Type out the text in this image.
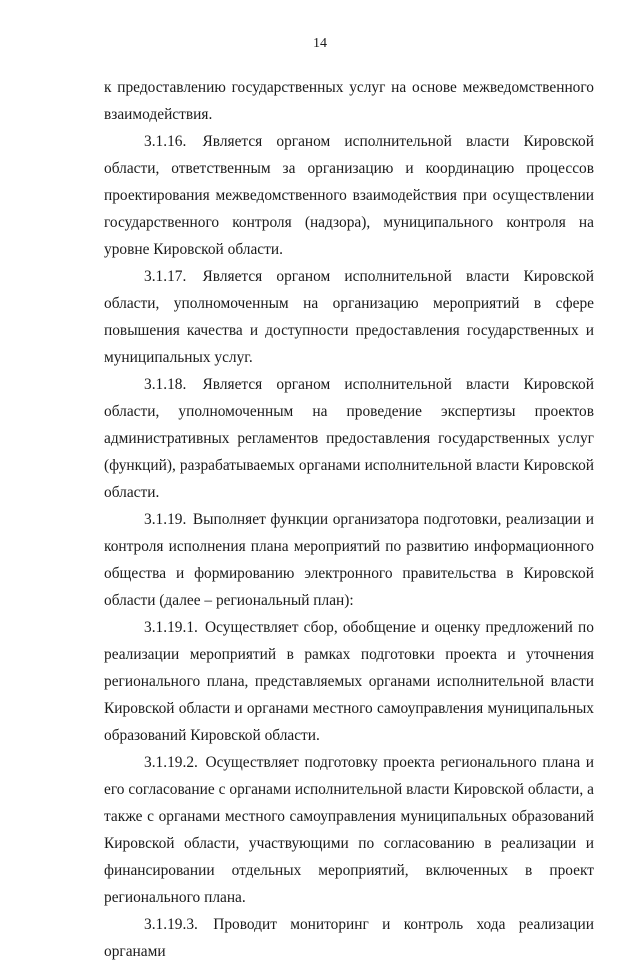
14

к предоставлению государственных услуг на основе межведомственного взаимодействия.

3.1.16. Является органом исполнительной власти Кировской области, ответственным за организацию и координацию процессов проектирования межведомственного взаимодействия при осуществлении государственного контроля (надзора), муниципального контроля на уровне Кировской области.

3.1.17. Является органом исполнительной власти Кировской области, уполномоченным на организацию мероприятий в сфере повышения качества и доступности предоставления государственных и муниципальных услуг.

3.1.18. Является органом исполнительной власти Кировской области, уполномоченным на проведение экспертизы проектов административных регламентов предоставления государственных услуг (функций), разрабатываемых органами исполнительной власти Кировской области.

3.1.19. Выполняет функции организатора подготовки, реализации и контроля исполнения плана мероприятий по развитию информационного общества и формированию электронного правительства в Кировской области (далее – региональный план):

3.1.19.1. Осуществляет сбор, обобщение и оценку предложений по реализации мероприятий в рамках подготовки проекта и уточнения регионального плана, представляемых органами исполнительной власти Кировской области и органами местного самоуправления муниципальных образований Кировской области.

3.1.19.2. Осуществляет подготовку проекта регионального плана и его согласование с органами исполнительной власти Кировской области, а также с органами местного самоуправления муниципальных образований Кировской области, участвующими по согласованию в реализации и финансировании отдельных мероприятий, включенных в проект регионального плана.

3.1.19.3. Проводит мониторинг и контроль хода реализации органами
